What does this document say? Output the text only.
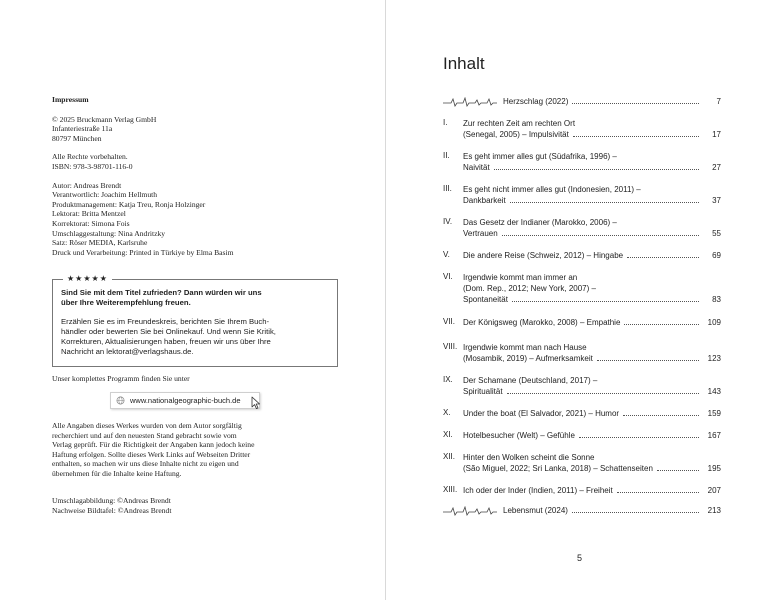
Impressum
© 2025 Bruckmann Verlag GmbH
Infanteriestraße 11a
80797 München
Alle Rechte vorbehalten.
ISBN: 978-3-98701-116-0
Autor: Andreas Brendt
Verantwortlich: Joachim Hellmuth
Produktmanagement: Katja Treu, Ronja Holzinger
Lektorat: Britta Mentzel
Korrektorat: Simona Fois
Umschlaggestaltung: Nina Andritzky
Satz: Röser MEDIA, Karlsruhe
Druck und Verarbeitung: Printed in Türkiye by Elma Basim
★★★★★
Sind Sie mit dem Titel zufrieden? Dann würden wir uns
über Ihre Weiterempfehlung freuen.
Erzählen Sie es im Freundeskreis, berichten Sie Ihrem Buch-
händler oder bewerten Sie bei Onlinekauf. Und wenn Sie Kritik,
Korrekturen, Aktualisierungen haben, freuen wir uns über Ihre
Nachricht an lektorat@verlagshaus.de.
Unser komplettes Programm finden Sie unter
www.nationalgeographic-buch.de
Alle Angaben dieses Werkes wurden von dem Autor sorgfältig
recherchiert und auf den neuesten Stand gebracht sowie vom
Verlag geprüft. Für die Richtigkeit der Angaben kann jedoch keine
Haftung erfolgen. Sollte dieses Werk Links auf Webseiten Dritter
enthalten, so machen wir uns diese Inhalte nicht zu eigen und
übernehmen für die Inhalte keine Haftung.
Umschlagabbildung: ©Andreas Brendt
Nachweise Bildtafel: ©Andreas Brendt
Inhalt
Herzschlag (2022)	7
I. Zur rechten Zeit am rechten Ort
(Senegal, 2005) – Impulsivität	17
II. Es geht immer alles gut (Südafrika, 1996) –
Naivität	27
III. Es geht nicht immer alles gut (Indonesien, 2011) –
Dankbarkeit	37
IV. Das Gesetz der Indianer (Marokko, 2006) –
Vertrauen	55
V. Die andere Reise (Schweiz, 2012) – Hingabe	69
VI. Irgendwie kommt man immer an
(Dom. Rep., 2012; New York, 2007) –
Spontaneität	83
VII. Der Königsweg (Marokko, 2008) – Empathie	109
VIII. Irgendwie kommt man nach Hause
(Mosambik, 2019) – Aufmerksamkeit	123
IX. Der Schamane (Deutschland, 2017) –
Spiritualität	143
X. Under the boat (El Salvador, 2021) – Humor	159
XI. Hotelbesucher (Welt) – Gefühle	167
XII. Hinter den Wolken scheint die Sonne
(São Miguel, 2022; Sri Lanka, 2018) – Schattenseiten	195
XIII. Ich oder der Inder (Indien, 2011) – Freiheit	207
Lebensmut (2024)	213
5
